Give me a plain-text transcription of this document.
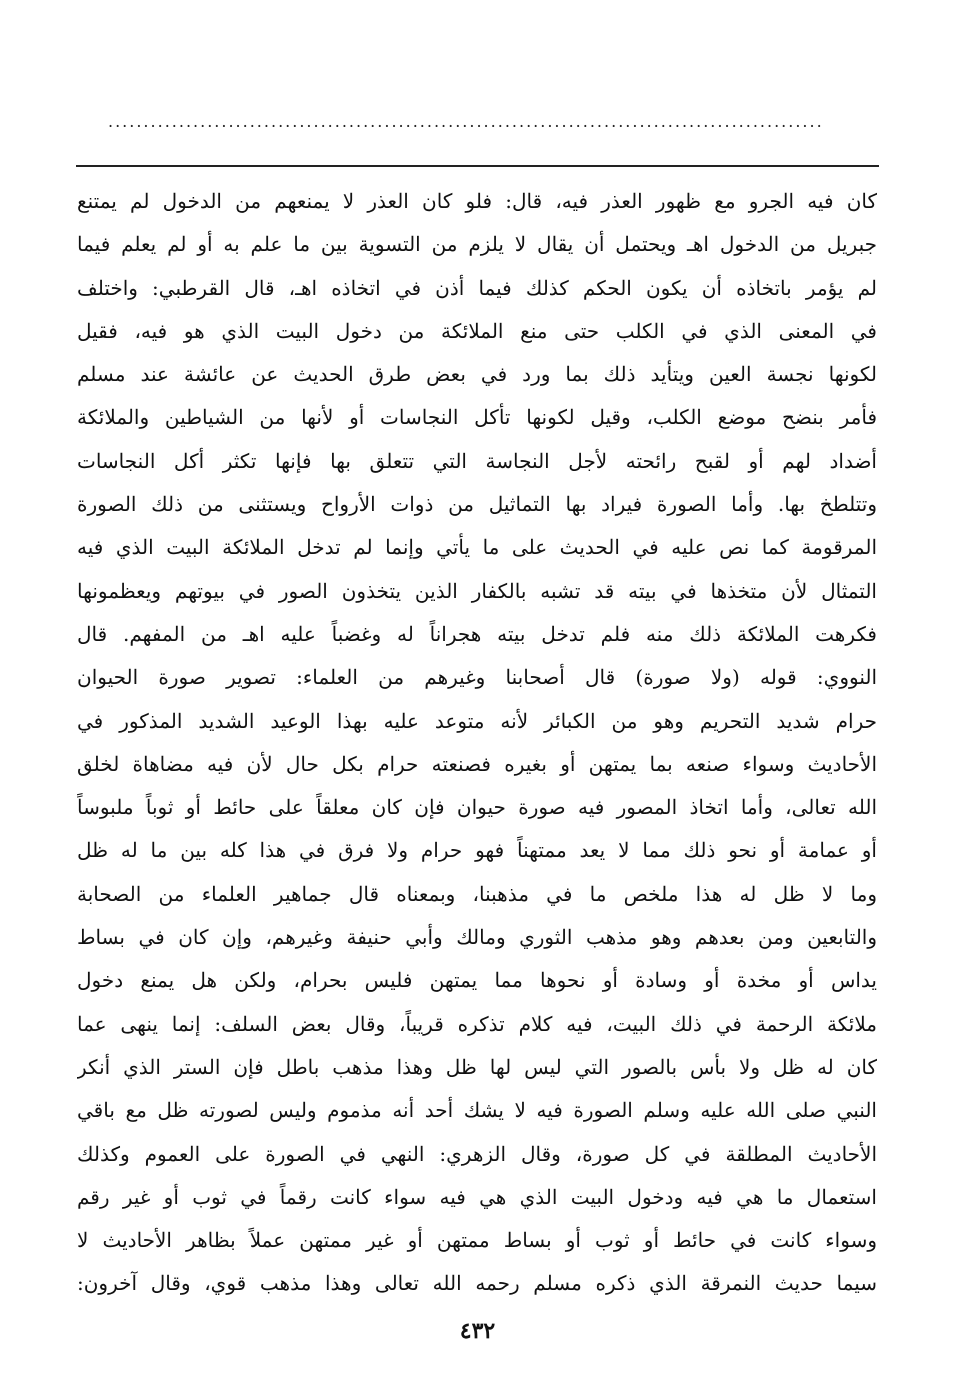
.....................................................................................................
كان فيه الجرو مع ظهور العذر فيه، قال: فلو كان العذر لا يمنعهم من الدخول لم يمتنع
جبريل من الدخول اهـ ويحتمل أن يقال لا يلزم من التسوية بين ما علم به أو لم يعلم فيما
لم يؤمر باتخاذه أن يكون الحكم كذلك فيما أذن في اتخاذه اهـ، قال القرطبي: واختلف
في المعنى الذي في الكلب حتى منع الملائكة من دخول البيت الذي هو فيه، فقيل
لكونها نجسة العين ويتأيد ذلك بما ورد في بعض طرق الحديث عن عائشة عند مسلم
فأمر بنضح موضع الكلب، وقيل لكونها تأكل النجاسات أو لأنها من الشياطين والملائكة
أضداد لهم أو لقبح رائحته لأجل النجاسة التي تتعلق بها فإنها تكثر أكل النجاسات
وتتلطخ بها. وأما الصورة فيراد بها التماثيل من ذوات الأرواح ويستثنى من ذلك الصورة
المرقومة كما نص عليه في الحديث على ما يأتي وإنما لم تدخل الملائكة البيت الذي فيه
التمثال لأن متخذها في بيته قد تشبه بالكفار الذين يتخذون الصور في بيوتهم ويعظمونها
فكرهت الملائكة ذلك منه فلم تدخل بيته هجراناً له وغضباً عليه اهـ من المفهم. قال
النووي: قوله (ولا صورة) قال أصحابنا وغيرهم من العلماء: تصوير صورة الحيوان
حرام شديد التحريم وهو من الكبائر لأنه متوعد عليه بهذا الوعيد الشديد المذكور في
الأحاديث وسواء صنعه بما يمتهن أو بغيره فصنعته حرام بكل حال لأن فيه مضاهاة لخلق
الله تعالى، وأما اتخاذ المصور فيه صورة حيوان فإن كان معلقاً على حائط أو ثوباً ملبوساً
أو عمامة أو نحو ذلك مما لا يعد ممتهناً فهو حرام ولا فرق في هذا كله بين ما له ظل
وما لا ظل له هذا ملخص ما في مذهبنا، وبمعناه قال جماهير العلماء من الصحابة
والتابعين ومن بعدهم وهو مذهب الثوري ومالك وأبي حنيفة وغيرهم، وإن كان في بساط
يداس أو مخدة أو وسادة أو نحوها مما يمتهن فليس بحرام، ولكن هل يمنع دخول
ملائكة الرحمة في ذلك البيت، فيه كلام تذكره قريباً، وقال بعض السلف: إنما ينهى عما
كان له ظل ولا بأس بالصور التي ليس لها ظل وهذا مذهب باطل فإن الستر الذي أنكر
النبي صلى الله عليه وسلم الصورة فيه لا يشك أحد أنه مذموم وليس لصورته ظل مع باقي
الأحاديث المطلقة في كل صورة، وقال الزهري: النهي في الصورة على العموم وكذلك
استعمال ما هي فيه ودخول البيت الذي هي فيه سواء كانت رقماً في ثوب أو غير رقم
وسواء كانت في حائط أو ثوب أو بساط ممتهن أو غير ممتهن عملاً بظاهر الأحاديث لا
سيما حديث النمرقة الذي ذكره مسلم رحمه الله تعالى وهذا مذهب قوي، وقال آخرون:
٤٣٢
